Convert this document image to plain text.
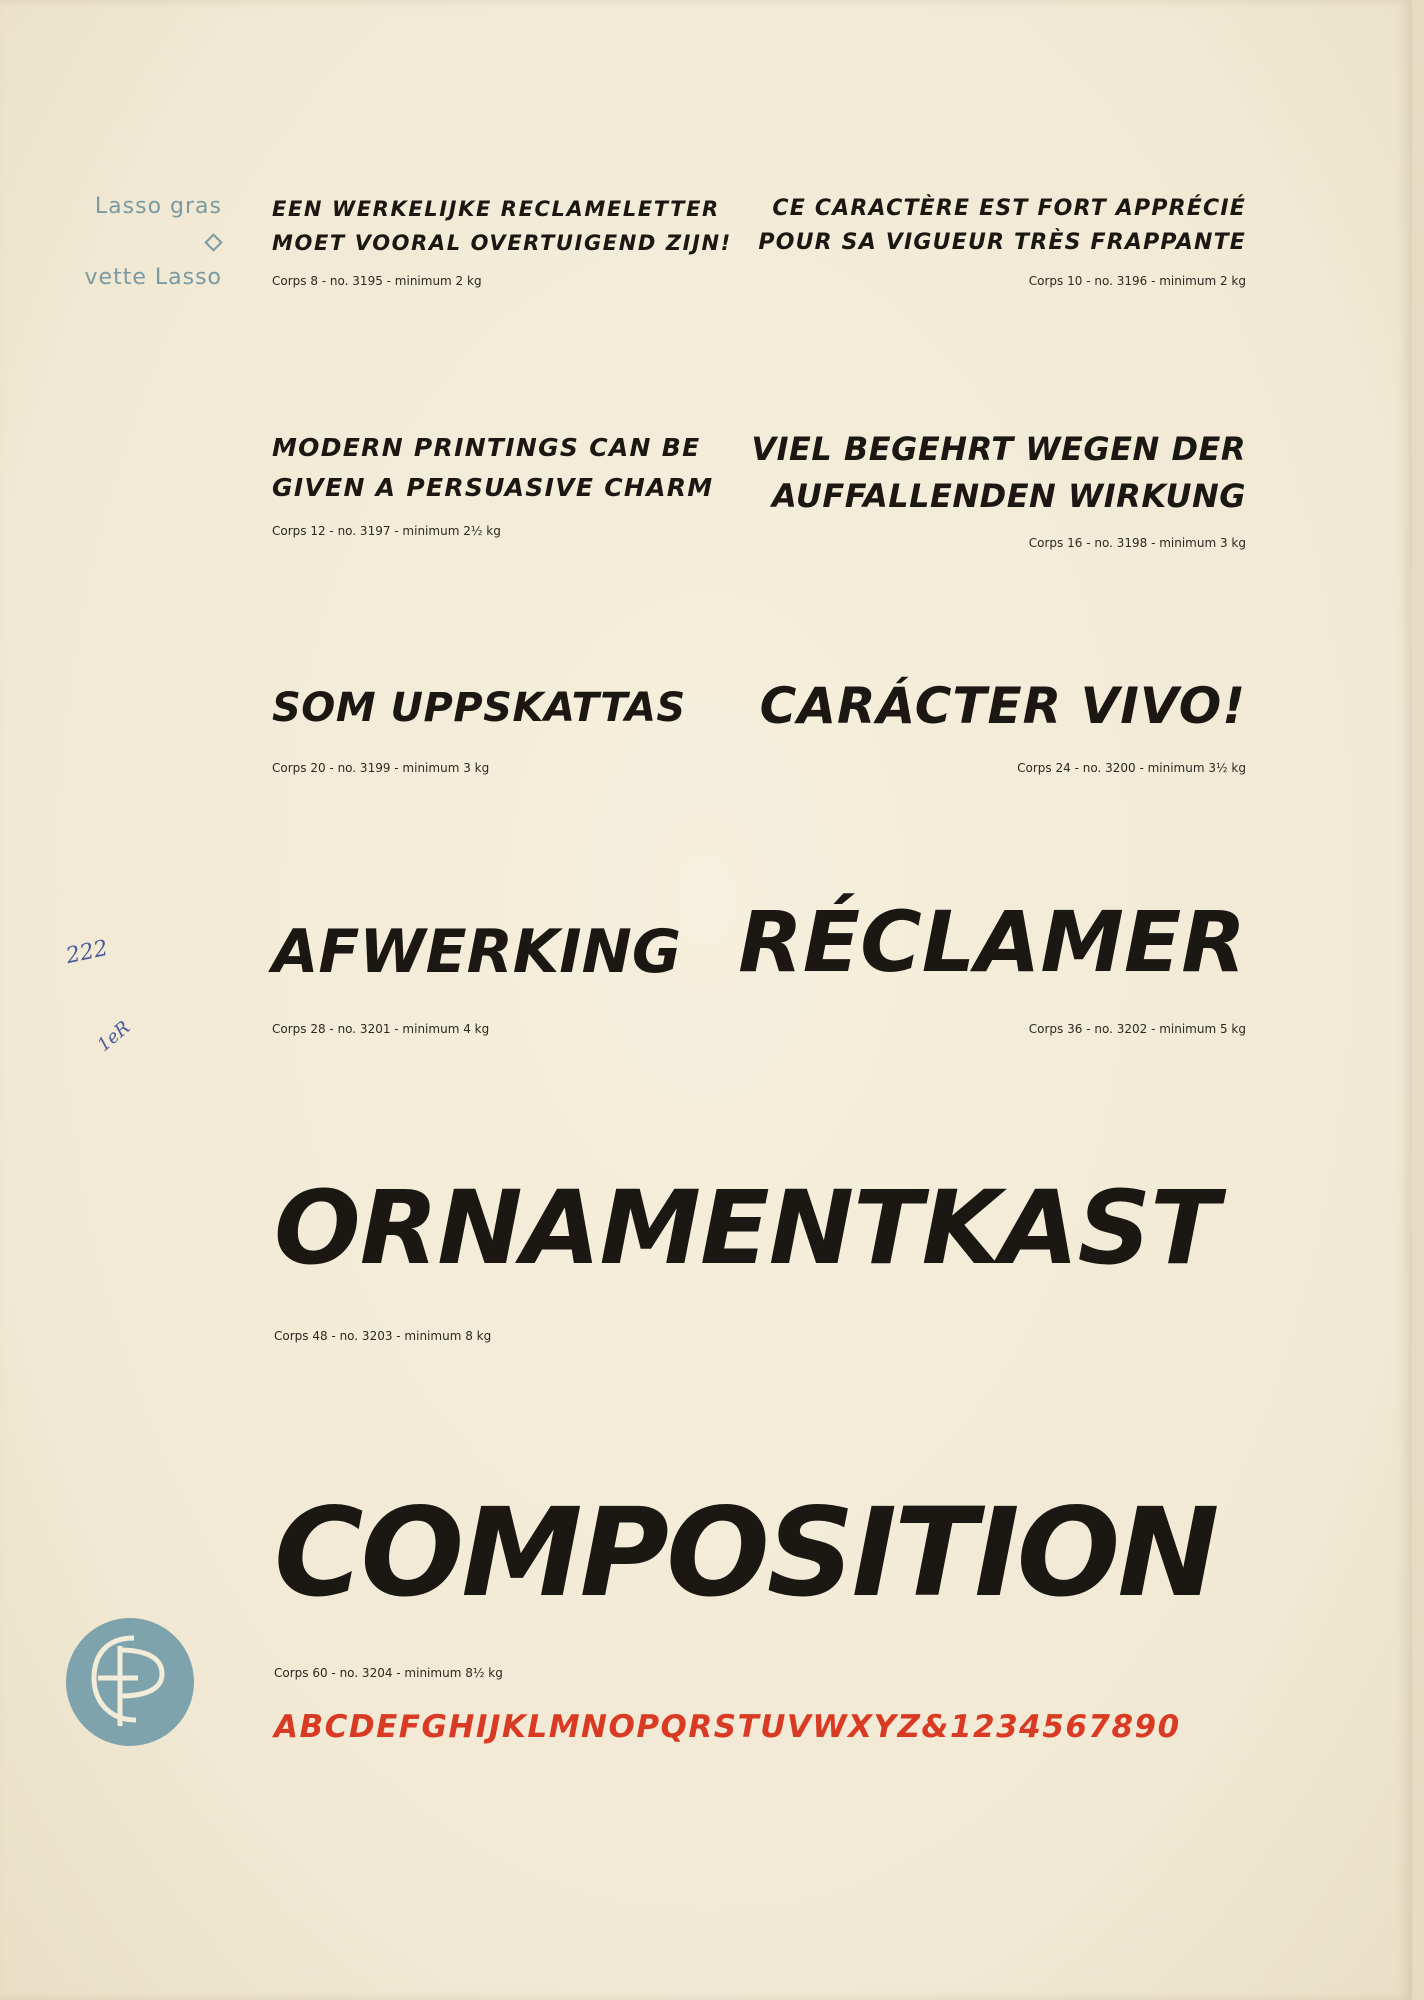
Lasso gras
vette Lasso
EEN WERKELIJKE RECLAMELETTER
MOET VOORAL OVERTUIGEND ZIJN!
Corps 8 - no. 3195 - minimum 2 kg
CE CARACTÈRE EST FORT APPRÉCIÉ
POUR SA VIGUEUR TRÈS FRAPPANTE
Corps 10 - no. 3196 - minimum 2 kg
MODERN PRINTINGS CAN BE
GIVEN A PERSUASIVE CHARM
Corps 12 - no. 3197 - minimum 2½ kg
VIEL BEGEHRT WEGEN DER
AUFFALLENDEN WIRKUNG
Corps 16 - no. 3198 - minimum 3 kg
SOM UPPSKATTAS
Corps 20 - no. 3199 - minimum 3 kg
CARÁCTER VIVO!
Corps 24 - no. 3200 - minimum 3½ kg
AFWERKING
Corps 28 - no. 3201 - minimum 4 kg
RÉCLAMER
Corps 36 - no. 3202 - minimum 5 kg
ORNAMENTKAST
Corps 48 - no. 3203 - minimum 8 kg
COMPOSITION
Corps 60 - no. 3204 - minimum 8½ kg
ABCDEFGHIJKLMNOPQRSTUVWXYZ&1234567890
222
1eR
